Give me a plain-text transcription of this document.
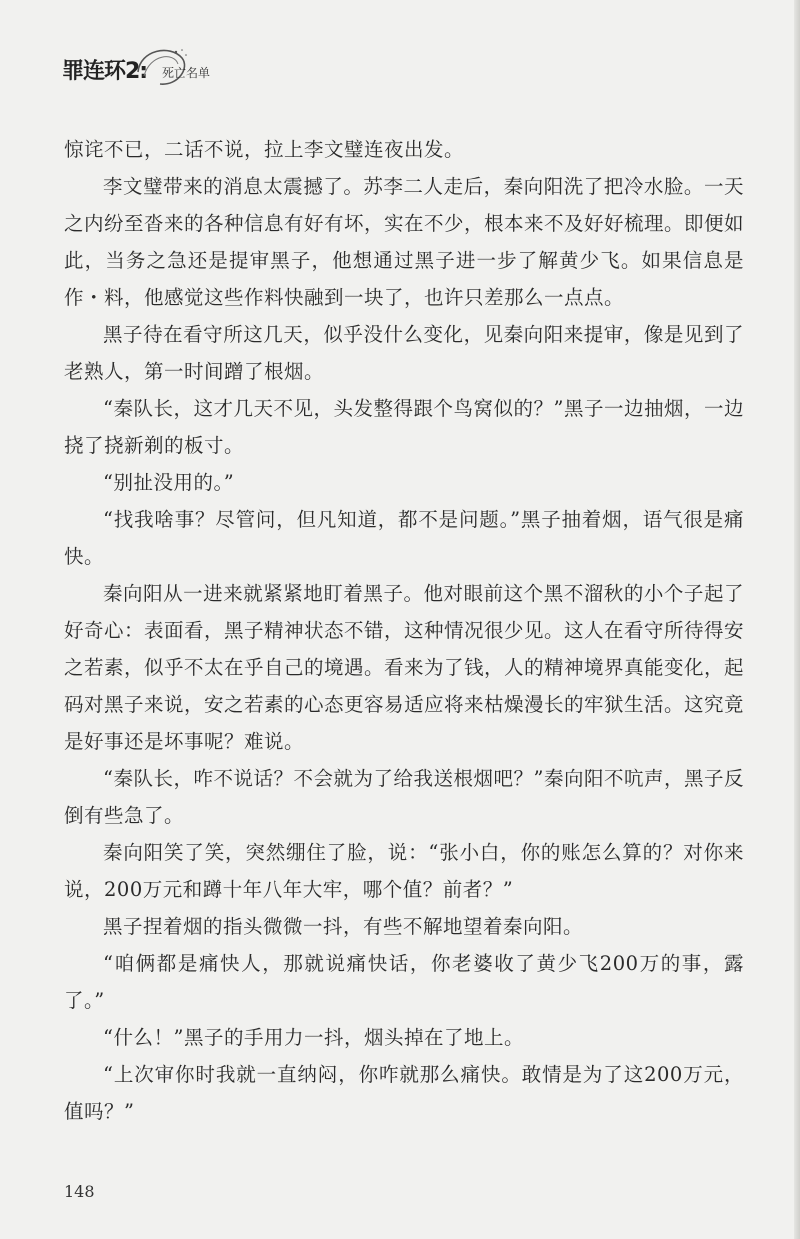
罪连环2: 死亡名单

惊诧不已，二话不说，拉上李文璧连夜出发。

李文璧带来的消息太震撼了。苏李二人走后，秦向阳洗了把冷水脸。一天之内纷至沓来的各种信息有好有坏，实在不少，根本来不及好好梳理。即便如此，当务之急还是提审黑子，他想通过黑子进一步了解黄少飞。如果信息是作・料，他感觉这些作料快融到一块了，也许只差那么一点点。

黑子待在看守所这几天，似乎没什么变化，见秦向阳来提审，像是见到了老熟人，第一时间蹭了根烟。

“秦队长，这才几天不见，头发整得跟个鸟窝似的？”黑子一边抽烟，一边挠了挠新剃的板寸。

“别扯没用的。”

“找我啥事？尽管问，但凡知道，都不是问题。”黑子抽着烟，语气很是痛快。

秦向阳从一进来就紧紧地盯着黑子。他对眼前这个黑不溜秋的小个子起了好奇心：表面看，黑子精神状态不错，这种情况很少见。这人在看守所待得安之若素，似乎不太在乎自己的境遇。看来为了钱，人的精神境界真能变化，起码对黑子来说，安之若素的心态更容易适应将来枯燥漫长的牢狱生活。这究竟是好事还是坏事呢？难说。

“秦队长，咋不说话？不会就为了给我送根烟吧？”秦向阳不吭声，黑子反倒有些急了。

秦向阳笑了笑，突然绷住了脸，说：“张小白，你的账怎么算的？对你来说，200万元和蹲十年八年大牢，哪个值？前者？”

黑子捏着烟的指头微微一抖，有些不解地望着秦向阳。

“咱俩都是痛快人，那就说痛快话，你老婆收了黄少飞200万的事，露了。”

“什么！”黑子的手用力一抖，烟头掉在了地上。

“上次审你时我就一直纳闷，你咋就那么痛快。敢情是为了这200万元，值吗？”

148
